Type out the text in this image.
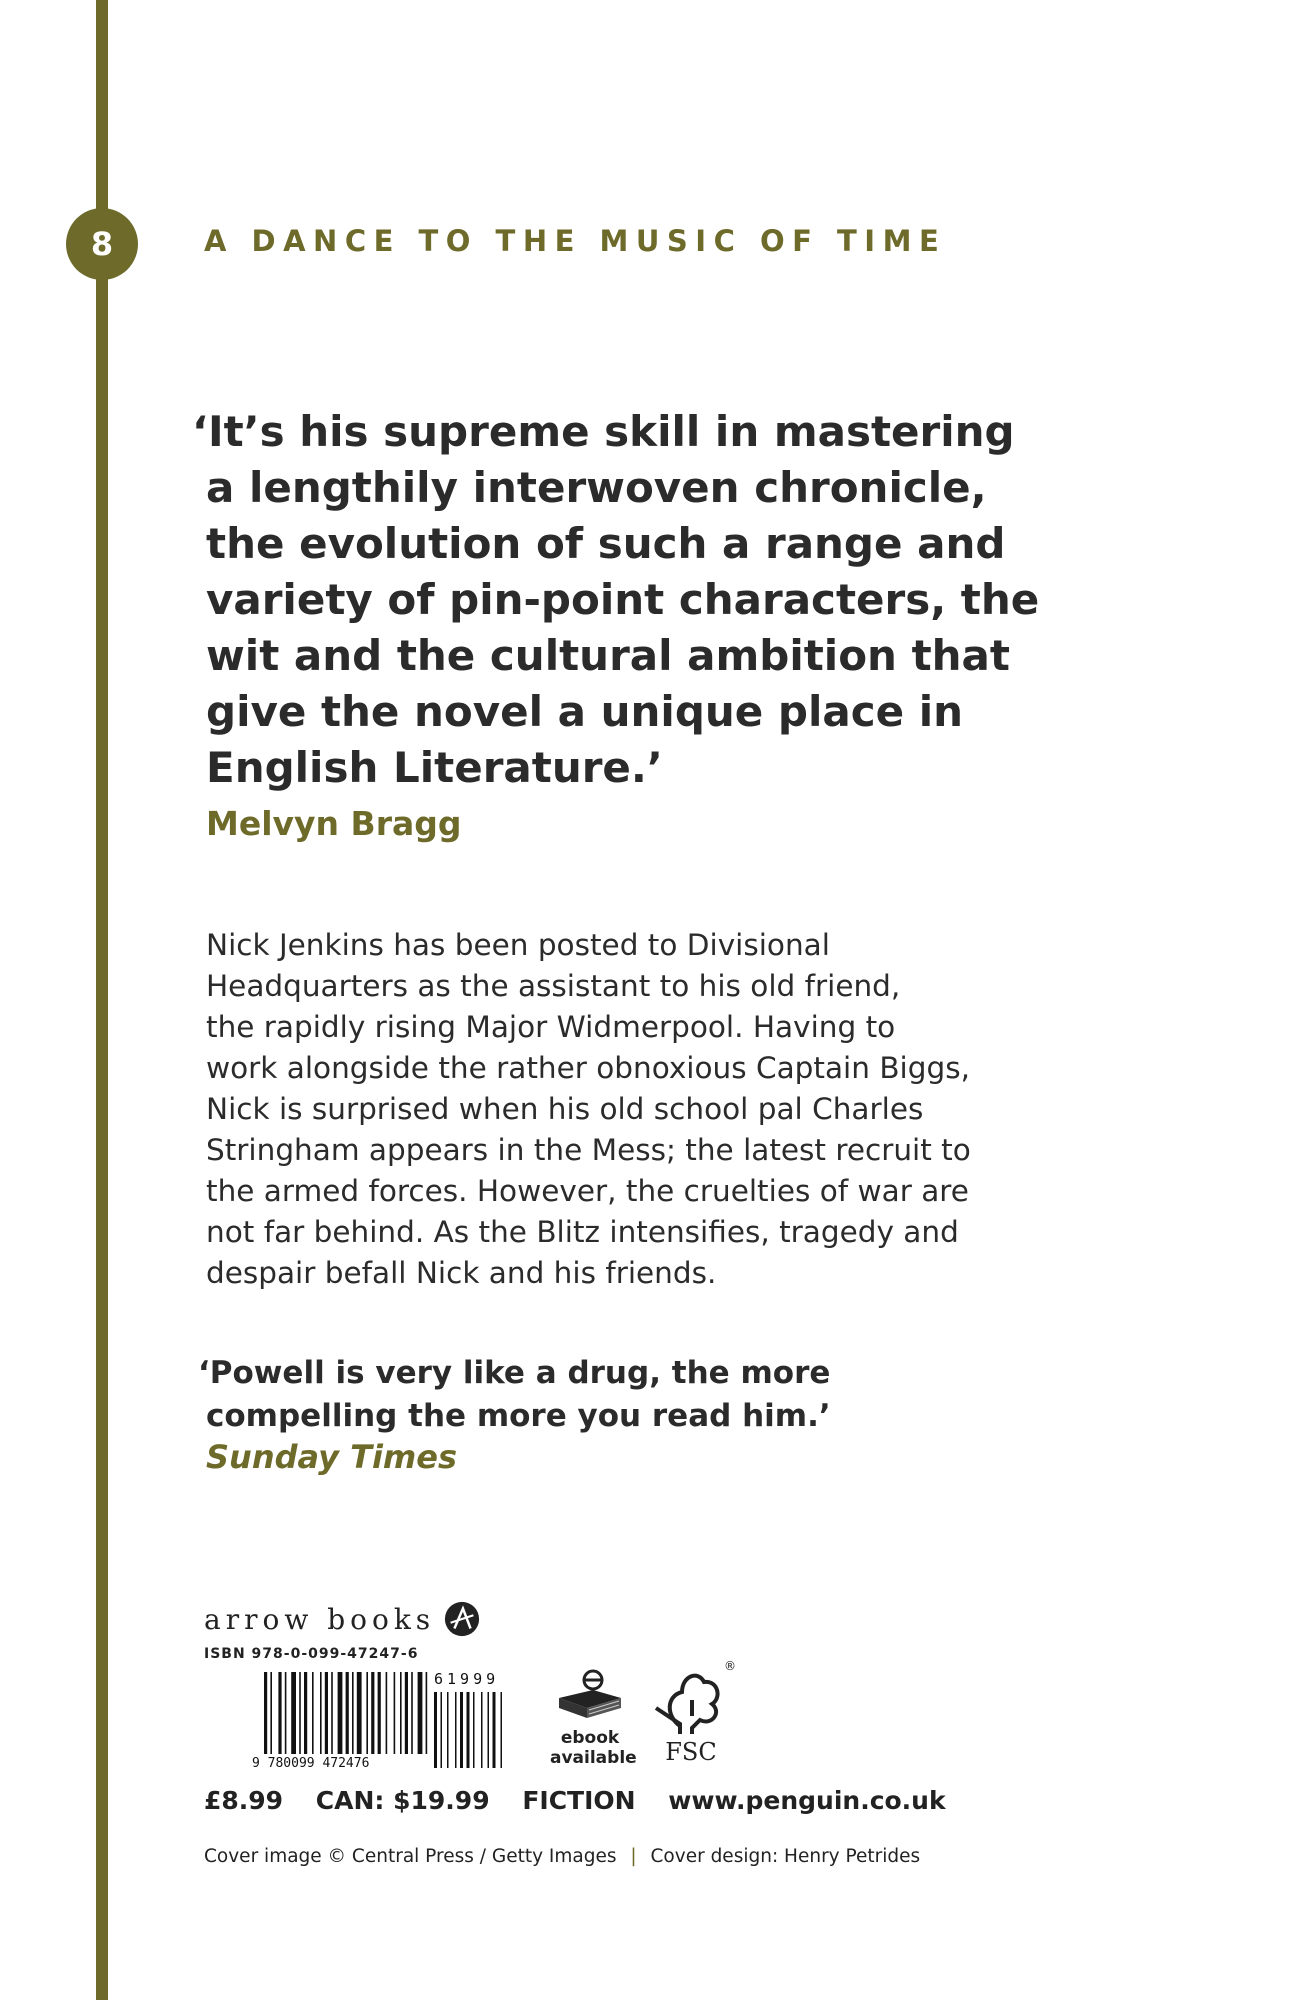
8	A DANCE TO THE MUSIC OF TIME
‘It’s his supreme skill in mastering
a lengthily interwoven chronicle,
the evolution of such a range and
variety of pin-point characters, the
wit and the cultural ambition that
give the novel a unique place in
English Literature.’
Melvyn Bragg
Nick Jenkins has been posted to Divisional
Headquarters as the assistant to his old friend,
the rapidly rising Major Widmerpool. Having to
work alongside the rather obnoxious Captain Biggs,
Nick is surprised when his old school pal Charles
Stringham appears in the Mess; the latest recruit to
the armed forces. However, the cruelties of war are
not far behind. As the Blitz intensifies, tragedy and
despair befall Nick and his friends.
‘Powell is very like a drug, the more
compelling the more you read him.’
Sunday Times
arrow books
ISBN 978-0-099-47247-6
9 780099 472476
61999
ebook
available
®
FSC
£8.99 CAN: $19.99 FICTION www.penguin.co.uk
Cover image © Central Press / Getty Images | Cover design: Henry Petrides
